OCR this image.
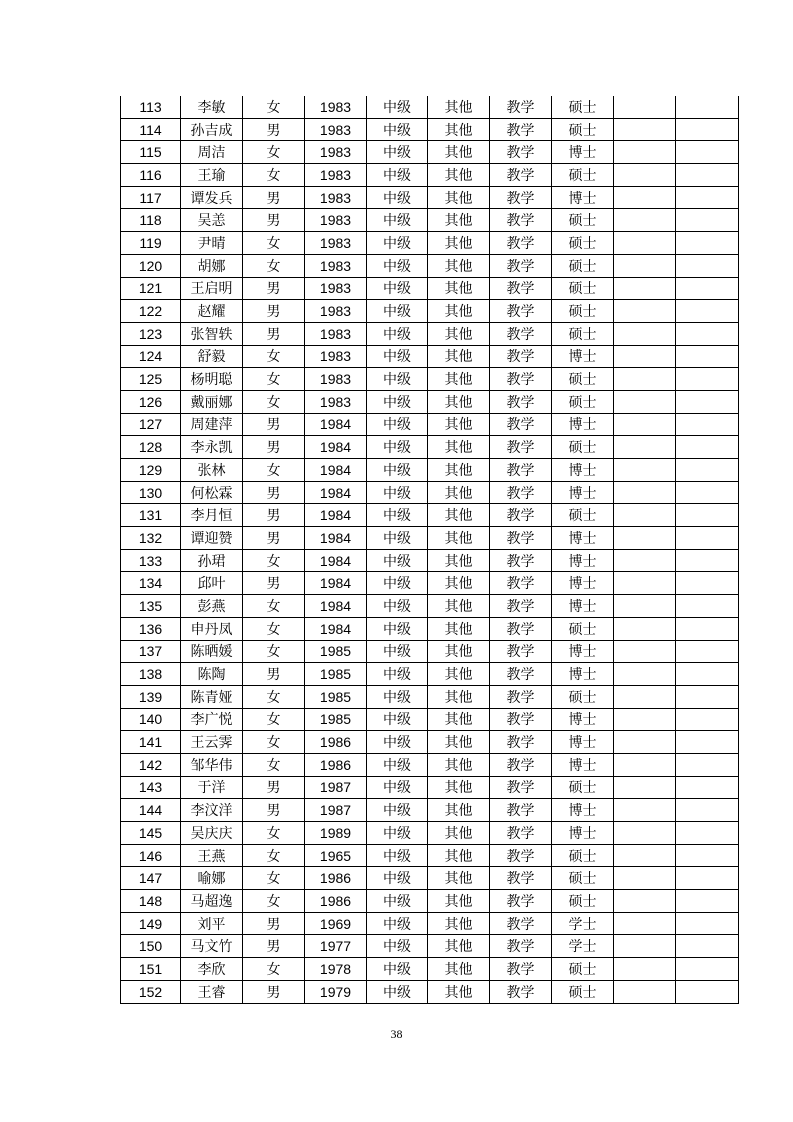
113	李敏	女	1983	中级	其他	教学	硕士		
114	孙吉成	男	1983	中级	其他	教学	硕士		
115	周洁	女	1983	中级	其他	教学	博士		
116	王瑜	女	1983	中级	其他	教学	硕士		
117	谭发兵	男	1983	中级	其他	教学	博士		
118	吴恙	男	1983	中级	其他	教学	硕士		
119	尹晴	女	1983	中级	其他	教学	硕士		
120	胡娜	女	1983	中级	其他	教学	硕士		
121	王启明	男	1983	中级	其他	教学	硕士		
122	赵耀	男	1983	中级	其他	教学	硕士		
123	张智轶	男	1983	中级	其他	教学	硕士		
124	舒毅	女	1983	中级	其他	教学	博士		
125	杨明聪	女	1983	中级	其他	教学	硕士		
126	戴丽娜	女	1983	中级	其他	教学	硕士		
127	周建萍	男	1984	中级	其他	教学	博士		
128	李永凯	男	1984	中级	其他	教学	硕士		
129	张林	女	1984	中级	其他	教学	博士		
130	何松霖	男	1984	中级	其他	教学	博士		
131	李月恒	男	1984	中级	其他	教学	硕士		
132	谭迎赞	男	1984	中级	其他	教学	博士		
133	孙珺	女	1984	中级	其他	教学	博士		
134	邱叶	男	1984	中级	其他	教学	博士		
135	彭燕	女	1984	中级	其他	教学	博士		
136	申丹凤	女	1984	中级	其他	教学	硕士		
137	陈晒媛	女	1985	中级	其他	教学	博士		
138	陈陶	男	1985	中级	其他	教学	博士		
139	陈青娅	女	1985	中级	其他	教学	硕士		
140	李广悦	女	1985	中级	其他	教学	博士		
141	王云霁	女	1986	中级	其他	教学	博士		
142	邹华伟	女	1986	中级	其他	教学	博士		
143	于洋	男	1987	中级	其他	教学	硕士		
144	李汶洋	男	1987	中级	其他	教学	博士		
145	吴庆庆	女	1989	中级	其他	教学	博士		
146	王燕	女	1965	中级	其他	教学	硕士		
147	喻娜	女	1986	中级	其他	教学	硕士		
148	马超逸	女	1986	中级	其他	教学	硕士		
149	刘平	男	1969	中级	其他	教学	学士		
150	马文竹	男	1977	中级	其他	教学	学士		
151	李欣	女	1978	中级	其他	教学	硕士		
152	王睿	男	1979	中级	其他	教学	硕士		
38
